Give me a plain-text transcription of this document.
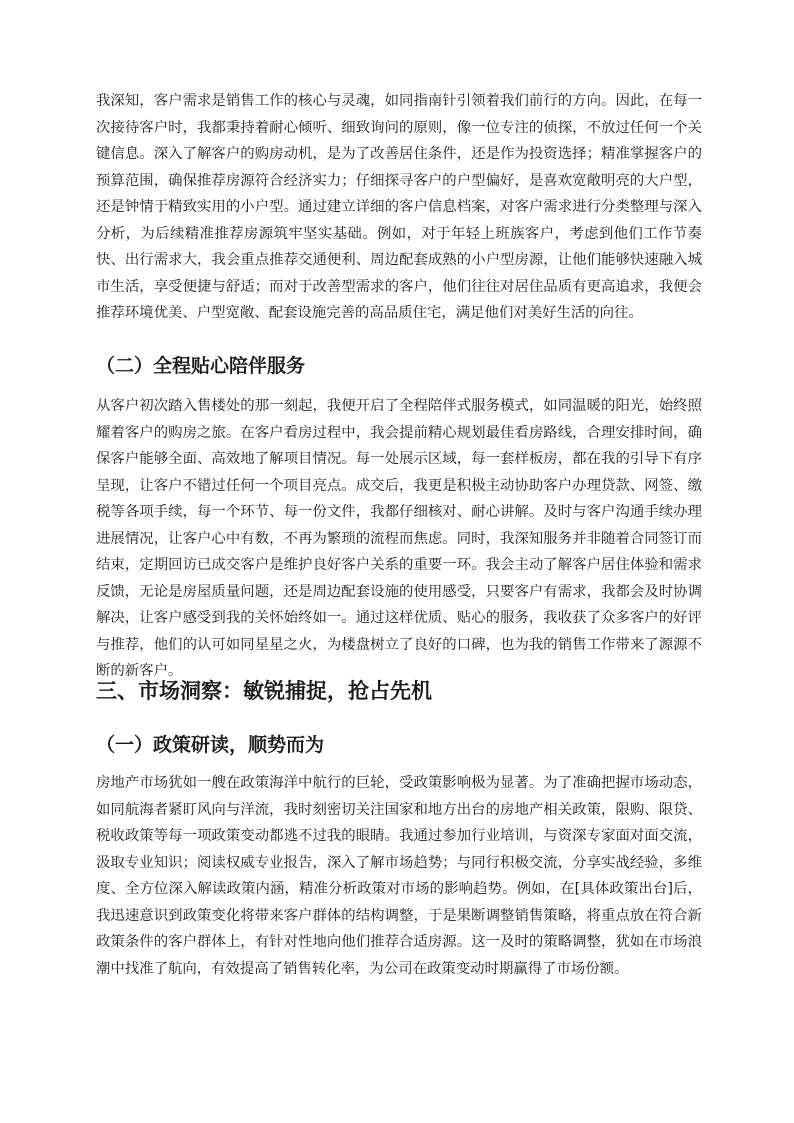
我深知，客户需求是销售工作的核心与灵魂，如同指南针引领着我们前行的方向。因此，在每一次接待客户时，我都秉持着耐心倾听、细致询问的原则，像一位专注的侦探，不放过任何一个关键信息。深入了解客户的购房动机，是为了改善居住条件，还是作为投资选择；精准掌握客户的预算范围，确保推荐房源符合经济实力；仔细探寻客户的户型偏好，是喜欢宽敞明亮的大户型，还是钟情于精致实用的小户型。通过建立详细的客户信息档案，对客户需求进行分类整理与深入分析，为后续精准推荐房源筑牢坚实基础。例如，对于年轻上班族客户，考虑到他们工作节奏快、出行需求大，我会重点推荐交通便利、周边配套成熟的小户型房源，让他们能够快速融入城市生活，享受便捷与舒适；而对于改善型需求的客户，他们往往对居住品质有更高追求，我便会推荐环境优美、户型宽敞、配套设施完善的高品质住宅，满足他们对美好生活的向往。

（二）全程贴心陪伴服务

从客户初次踏入售楼处的那一刻起，我便开启了全程陪伴式服务模式，如同温暖的阳光，始终照耀着客户的购房之旅。在客户看房过程中，我会提前精心规划最佳看房路线，合理安排时间，确保客户能够全面、高效地了解项目情况。每一处展示区域，每一套样板房，都在我的引导下有序呈现，让客户不错过任何一个项目亮点。成交后，我更是积极主动协助客户办理贷款、网签、缴税等各项手续，每一个环节、每一份文件，我都仔细核对、耐心讲解。及时与客户沟通手续办理进展情况，让客户心中有数，不再为繁琐的流程而焦虑。同时，我深知服务并非随着合同签订而结束，定期回访已成交客户是维护良好客户关系的重要一环。我会主动了解客户居住体验和需求反馈，无论是房屋质量问题，还是周边配套设施的使用感受，只要客户有需求，我都会及时协调解决，让客户感受到我的关怀始终如一。通过这样优质、贴心的服务，我收获了众多客户的好评与推荐，他们的认可如同星星之火，为楼盘树立了良好的口碑，也为我的销售工作带来了源源不断的新客户。

三、市场洞察：敏锐捕捉，抢占先机
（一）政策研读，顺势而为

房地产市场犹如一艘在政策海洋中航行的巨轮，受政策影响极为显著。为了准确把握市场动态，如同航海者紧盯风向与洋流，我时刻密切关注国家和地方出台的房地产相关政策，限购、限贷、税收政策等每一项政策变动都逃不过我的眼睛。我通过参加行业培训，与资深专家面对面交流，汲取专业知识；阅读权威专业报告，深入了解市场趋势；与同行积极交流，分享实战经验，多维度、全方位深入解读政策内涵，精准分析政策对市场的影响趋势。例如，在[具体政策出台]后，我迅速意识到政策变化将带来客户群体的结构调整，于是果断调整销售策略，将重点放在符合新政策条件的客户群体上，有针对性地向他们推荐合适房源。这一及时的策略调整，犹如在市场浪潮中找准了航向，有效提高了销售转化率，为公司在政策变动时期赢得了市场份额。
